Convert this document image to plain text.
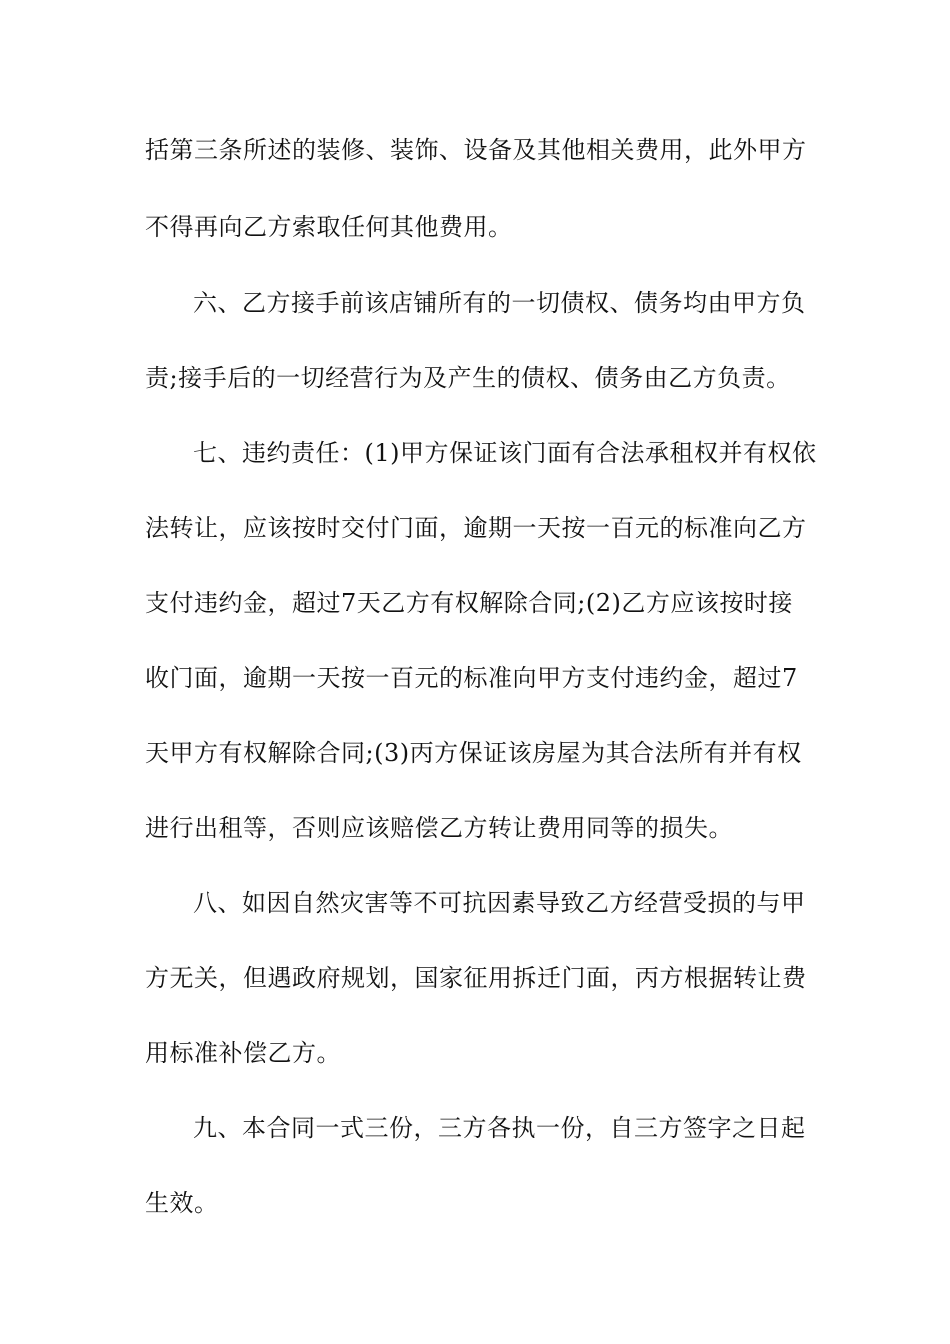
括第三条所述的装修、装饰、设备及其他相关费用，此外甲方
不得再向乙方索取任何其他费用。
六、乙方接手前该店铺所有的一切债权、债务均由甲方负
责;接手后的一切经营行为及产生的债权、债务由乙方负责。
七、违约责任：(1)甲方保证该门面有合法承租权并有权依
法转让，应该按时交付门面，逾期一天按一百元的标准向乙方
支付违约金，超过7天乙方有权解除合同;(2)乙方应该按时接
收门面，逾期一天按一百元的标准向甲方支付违约金，超过7
天甲方有权解除合同;(3)丙方保证该房屋为其合法所有并有权
进行出租等，否则应该赔偿乙方转让费用同等的损失。
八、如因自然灾害等不可抗因素导致乙方经营受损的与甲
方无关，但遇政府规划，国家征用拆迁门面，丙方根据转让费
用标准补偿乙方。
九、本合同一式三份，三方各执一份，自三方签字之日起
生效。
